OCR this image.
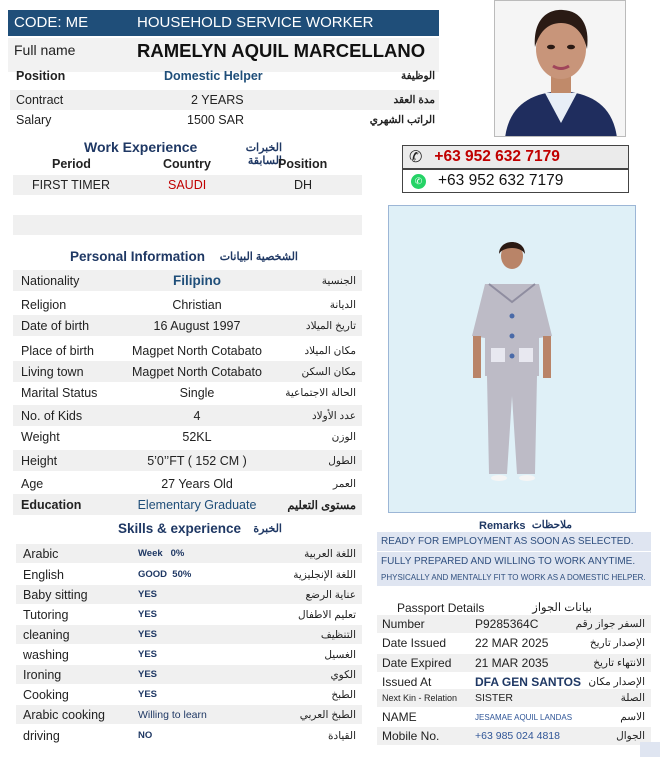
CODE: ME	HOUSEHOLD SERVICE WORKER
Full name	RAMELYN AQUIL MARCELLANO
Position	Domestic Helper	الوظيفة
Contract	2 YEARS	مدة العقد
Salary	1500 SAR	الراتب الشهري
✆ +63 952 632 7179
✆ +63 952 632 7179
Work Experience	الخبرات السابقة
Period	Country	Position
FIRST TIMER	SAUDI	DH
Personal Information	الشخصية البيانات
Nationality	Filipino	الجنسية
Religion	Christian	الديانة
Date of birth	16 August 1997	تاريخ الميلاد
Place of birth	Magpet North Cotabato	مكان الميلاد
Living town	Magpet North Cotabato	مكان السكن
Marital Status	Single	الحالة الاجتماعية
No. of Kids	4	عدد الأولاد
Weight	52KL	الوزن
Height	5’0’’FT ( 152 CM )	الطول
Age	27 Years Old	العمر
Education	Elementary Graduate	مستوى التعليم
Skills & experience	الخبرة
Arabic	Week   0%	اللغة العربية
English	GOOD  50%	اللغة الإنجليزية
Baby sitting	YES	عناية الرضع
Tutoring	YES	تعليم الاطفال
cleaning	YES	التنظيف
washing	YES	الغسيل
Ironing	YES	الكوي
Cooking	YES	الطبخ
Arabic cooking	Willing to learn	الطبخ العربي
driving	NO	القيادة
Remarks ملاحظات
READY FOR EMPLOYMENT AS SOON AS SELECTED.
FULLY PREPARED AND WILLING TO WORK ANYTIME.
PHYSICALLY AND MENTALLY FIT TO WORK AS A DOMESTIC HELPER.
Passport Details	بيانات الجواز
Number	P9285364C	السفر جواز رقم
Date Issued 22 MAR 2025	الإصدار تاريخ
Date Expired 21 MAR 2035	الانتهاء تاريخ
Issued At	DFA GEN SANTOS الإصدار مكان
Next Kin - Relation SISTER	الصلة
NAME	JESAMAE AQUIL LANDAS	الاسم
Mobile No.	+63 985 024 4818	الجوال
